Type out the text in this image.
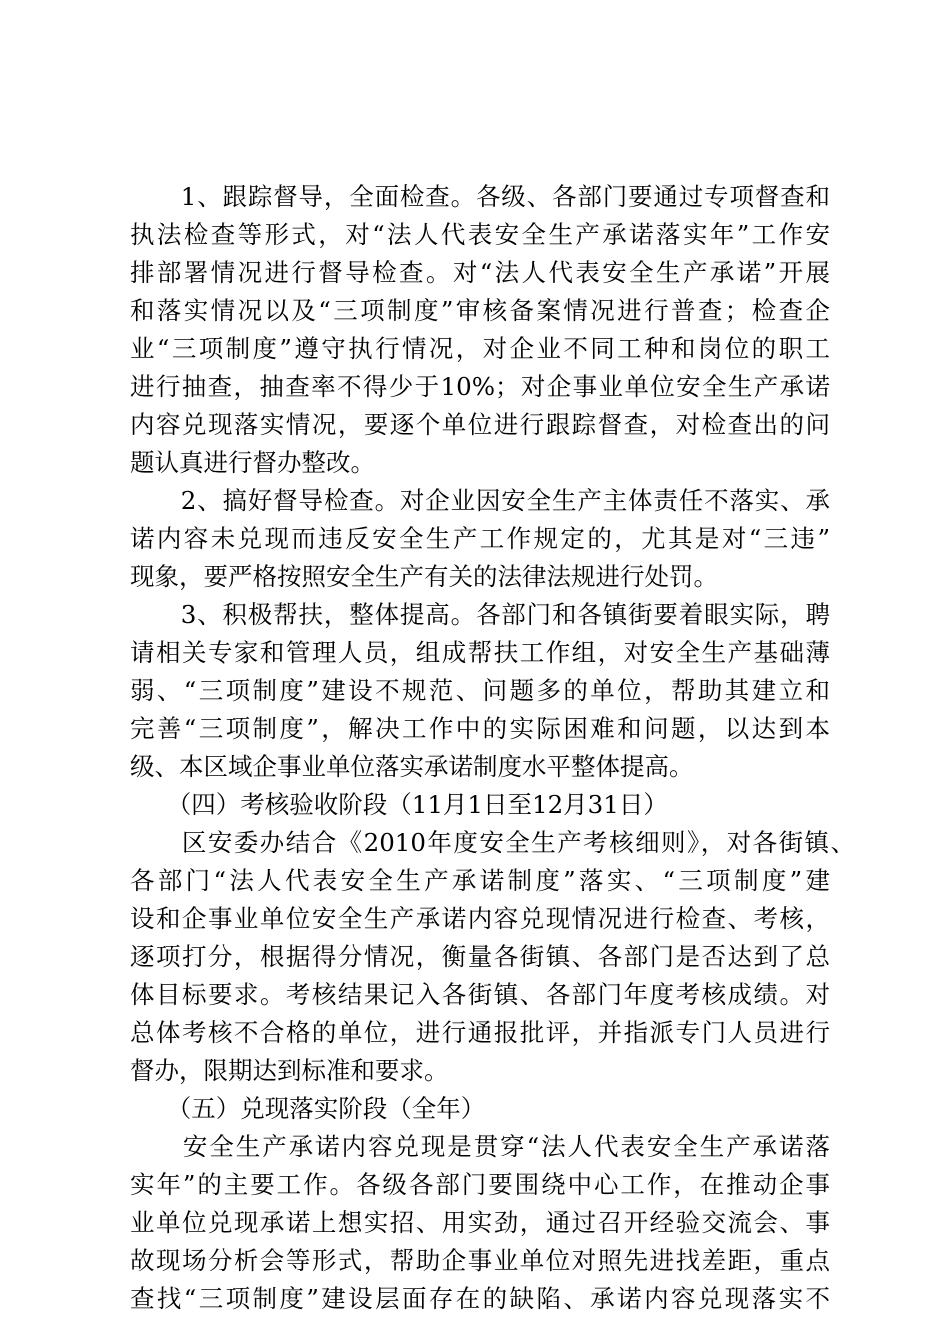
　　1、跟踪督导，全面检查。各级、各部门要通过专项督查和
执法检查等形式，对“法人代表安全生产承诺落实年”工作安
排部署情况进行督导检查。对“法人代表安全生产承诺”开展
和落实情况以及“三项制度”审核备案情况进行普查；检查企
业“三项制度”遵守执行情况，对企业不同工种和岗位的职工
进行抽查，抽查率不得少于10%；对企事业单位安全生产承诺
内容兑现落实情况，要逐个单位进行跟踪督查，对检查出的问
题认真进行督办整改。
　　2、搞好督导检查。对企业因安全生产主体责任不落实、承
诺内容未兑现而违反安全生产工作规定的，尤其是对“三违”
现象，要严格按照安全生产有关的法律法规进行处罚。
　　3、积极帮扶，整体提高。各部门和各镇街要着眼实际，聘
请相关专家和管理人员，组成帮扶工作组，对安全生产基础薄
弱、“三项制度”建设不规范、问题多的单位，帮助其建立和
完善“三项制度”，解决工作中的实际困难和问题，以达到本
级、本区域企事业单位落实承诺制度水平整体提高。
　　（四）考核验收阶段（11月1日至12月31日）
　　区安委办结合《2010年度安全生产考核细则》，对各街镇、
各部门“法人代表安全生产承诺制度”落实、“三项制度”建
设和企事业单位安全生产承诺内容兑现情况进行检查、考核，
逐项打分，根据得分情况，衡量各街镇、各部门是否达到了总
体目标要求。考核结果记入各街镇、各部门年度考核成绩。对
总体考核不合格的单位，进行通报批评，并指派专门人员进行
督办，限期达到标准和要求。
　　（五）兑现落实阶段（全年）
　　安全生产承诺内容兑现是贯穿“法人代表安全生产承诺落
实年”的主要工作。各级各部门要围绕中心工作，在推动企事
业单位兑现承诺上想实招、用实劲，通过召开经验交流会、事
故现场分析会等形式，帮助企事业单位对照先进找差距，重点
查找“三项制度”建设层面存在的缺陷、承诺内容兑现落实不
